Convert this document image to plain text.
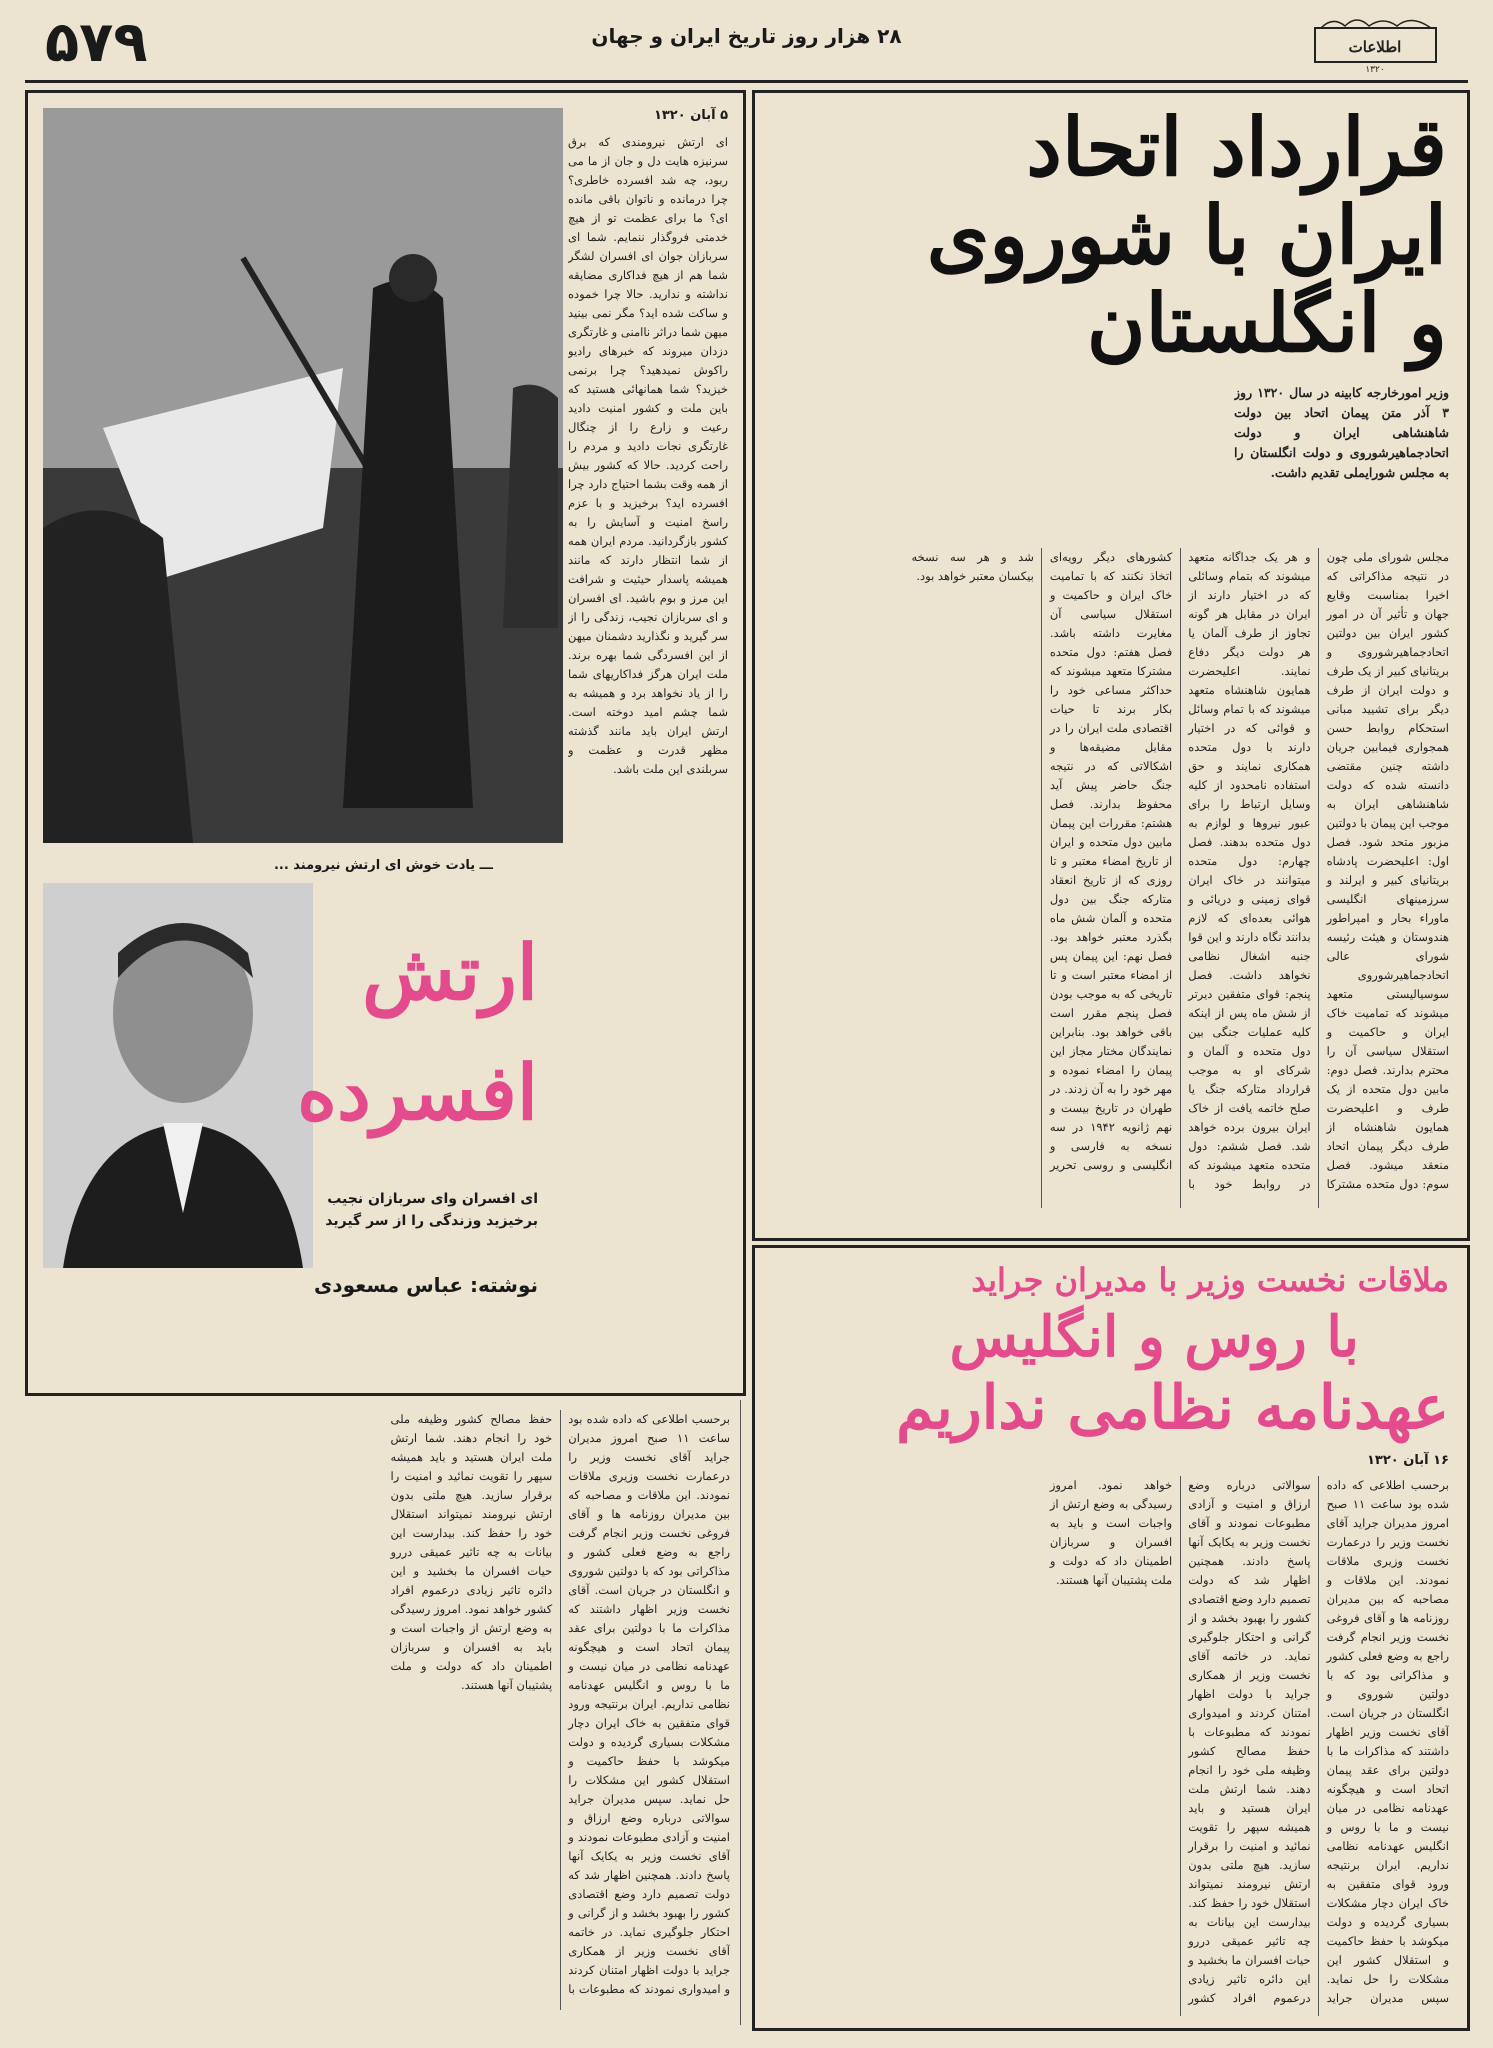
۵۷۹	۲۸ هزار روز تاریخ ایران و جهان	اطلاعات
۱۳۲۰
قرارداد اتحاد
ایران با شوروی
و انگلستان
وزیر امورخارجه کابینه در سال ۱۳۲۰ روز ۳ آذر متن پیمان اتحاد بین دولت شاهنشاهی ایران و دولت اتحادجماهیرشوروی و دولت انگلستان را به مجلس شورایملی تقدیم داشت.
مجلس شورای ملی چون در نتیجه مذاکراتی که اخیرا بمناسبت وقایع جهان و تأثیر آن در امور کشور ایران بین دولتین اتحادجماهیرشوروی و بریتانیای کبیر از یک طرف و دولت ایران از طرف دیگر برای تشیید مبانی استحکام روابط حسن همجواری فیمابین جریان داشته چنین مقتضی دانسته شده که دولت شاهنشاهی ایران به موجب این پیمان با دولتین مزبور متحد شود. فصل اول: اعلیحضرت پادشاه بریتانیای کبیر و ایرلند و سرزمینهای انگلیسی ماوراء بحار و امپراطور هندوستان و هیئت رئیسه شورای عالی اتحادجماهیرشوروی سوسیالیستی متعهد میشوند که تمامیت خاک ایران و حاکمیت و استقلال سیاسی آن را محترم بدارند. فصل دوم: مابین دول متحده از یک طرف و اعلیحضرت همایون شاهنشاه از طرف دیگر پیمان اتحاد منعقد میشود. فصل سوم: دول متحده مشترکا و هر یک جداگانه متعهد میشوند که بتمام وسائلی که در اختیار دارند از ایران در مقابل هر گونه تجاوز از طرف آلمان یا هر دولت دیگر دفاع نمایند. اعلیحضرت همایون شاهنشاه متعهد میشوند که با تمام وسائل و قوائی که در اختیار دارند با دول متحده همکاری نمایند و حق استفاده نامحدود از کلیه وسایل ارتباط را برای عبور نیروها و لوازم به دول متحده بدهند. فصل چهارم: دول متحده میتوانند در خاک ایران قوای زمینی و دریائی و هوائی بعده‌ای که لازم بدانند نگاه دارند و این قوا جنبه اشغال نظامی نخواهد داشت. فصل پنجم: قوای متفقین دیرتر از شش ماه پس از اینکه کلیه عملیات جنگی بین دول متحده و آلمان و شرکای او به موجب قرارداد متارکه جنگ یا صلح خاتمه یافت از خاک ایران بیرون برده خواهد شد. فصل ششم: دول متحده متعهد میشوند که در روابط خود با کشورهای دیگر رویه‌ای اتخاذ نکنند که با تمامیت خاک ایران و حاکمیت و استقلال سیاسی آن مغایرت داشته باشد. فصل هفتم: دول متحده مشترکا متعهد میشوند که حداکثر مساعی خود را بکار برند تا حیات اقتصادی ملت ایران را در مقابل مضیقه‌ها و اشکالاتی که در نتیجه جنگ حاضر پیش آید محفوظ بدارند. فصل هشتم: مقررات این پیمان مابین دول متحده و ایران از تاریخ امضاء معتبر و تا روزی که از تاریخ انعقاد متارکه جنگ بین دول متحده و آلمان شش ماه بگذرد معتبر خواهد بود. فصل نهم: این پیمان پس از امضاء معتبر است و تا تاریخی که به موجب بودن فصل پنجم مقرر است باقی خواهد بود. بنابراین نمایندگان مختار مجاز این پیمان را امضاء نموده و مهر خود را به آن زدند. در طهران در تاریخ بیست و نهم ژانویه ۱۹۴۲ در سه نسخه به فارسی و انگلیسی و روسی تحریر شد و هر سه نسخه بیکسان معتبر خواهد بود.
ـــ یادت خوش ای ارتش نیرومند ...
۵ آبان ۱۳۲۰
ای ارتش نیرومندی که برق سرنیزه هایت دل و جان از ما می ربود، چه شد افسرده خاطری؟ چرا درمانده و ناتوان باقی مانده ای؟ ما برای عظمت تو از هیچ خدمتی فروگذار ننمایم. شما ای سربازان جوان ای افسران لشگر شما هم از هیچ فداکاری مضایقه نداشته و ندارید. حالا چرا خموده و ساکت شده اید؟ مگر نمی بینید میهن شما دراثر ناامنی و غارتگری دزدان میروند که خبرهای رادیو راکوش نمیدهید؟ چرا برنمی خیزید؟ شما همانهائی هستید که باین ملت و کشور امنیت دادید رعیت و زارع را از چنگال غارتگری نجات دادید و مردم را راحت کردید. حالا که کشور بیش از همه وقت بشما احتیاج دارد چرا افسرده اید؟ برخیزید و با عزم راسخ امنیت و آسایش را به کشور بازگردانید. مردم ایران همه از شما انتظار دارند که مانند همیشه پاسدار حیثیت و شرافت این مرز و بوم باشید. ای افسران و ای سربازان نجیب، زندگی را از سر گیرید و نگذارید دشمنان میهن از این افسردگی شما بهره برند. ملت ایران هرگز فداکاریهای شما را از یاد نخواهد برد و همیشه به شما چشم امید دوخته است. ارتش ایران باید مانند گذشته مظهر قدرت و عظمت و سربلندی این ملت باشد.
ارتش
افسرده
ای افسران وای سربازان نجیب
برخیزید وزندگی را از سر گیرید
نوشته: عباس مسعودی	ملاقات نخست وزیر با مدیران جراید
با روس و انگلیس
عهدنامه نظامی نداریم
۱۶ آبان ۱۳۲۰
برحسب اطلاعی که داده شده بود ساعت ۱۱ صبح امروز مدیران جراید آقای نخست وزیر را درعمارت نخست وزیری ملاقات نمودند. این ملاقات و مصاحبه که بین مدیران روزنامه ها و آقای فروغی نخست وزیر انجام گرفت راجع به وضع فعلی کشور و مذاکراتی بود که با دولتین شوروی و انگلستان در جریان است. آقای نخست وزیر اظهار داشتند که مذاکرات ما با دولتین برای عقد پیمان اتحاد است و هیچگونه عهدنامه نظامی در میان نیست و ما با روس و انگلیس عهدنامه نظامی نداریم. ایران برنتیجه ورود قوای متفقین به خاک ایران دچار مشکلات بسیاری گردیده و دولت میکوشد با حفظ حاکمیت و استقلال کشور این مشکلات را حل نماید. سپس مدیران جراید سوالاتی درباره وضع ارزاق و امنیت و آزادی مطبوعات نمودند و آقای نخست وزیر به یکایک آنها پاسخ دادند. همچنین اظهار شد که دولت تصمیم دارد وضع اقتصادی کشور را بهبود بخشد و از گرانی و احتکار جلوگیری نماید. در خاتمه آقای نخست وزیر از همکاری جراید با دولت اظهار امتنان کردند و امیدواری نمودند که مطبوعات با حفظ مصالح کشور وظیفه ملی خود را انجام دهند. شما ارتش ملت ایران هستید و باید همیشه سپهر را تقویت نمائید و امنیت را برقرار سازید. هیچ ملتی بدون ارتش نیرومند نمیتواند استقلال خود را حفظ کند. بیدارست این بیانات به چه تاثیر عمیقی دررو حیات افسران ما بخشید و این دائره تاثیر زیادی درعموم افراد کشور خواهد نمود. امروز رسیدگی به وضع ارتش از واجبات است و باید به افسران و سربازان اطمینان داد که دولت و ملت پشتیبان آنها هستند.
برحسب اطلاعی که داده شده بود ساعت ۱۱ صبح امروز مدیران جراید آقای نخست وزیر را درعمارت نخست وزیری ملاقات نمودند. این ملاقات و مصاحبه که بین مدیران روزنامه ها و آقای فروغی نخست وزیر انجام گرفت راجع به وضع فعلی کشور و مذاکراتی بود که با دولتین شوروی و انگلستان در جریان است. آقای نخست وزیر اظهار داشتند که مذاکرات ما با دولتین برای عقد پیمان اتحاد است و هیچگونه عهدنامه نظامی در میان نیست و ما با روس و انگلیس عهدنامه نظامی نداریم. ایران برنتیجه ورود قوای متفقین به خاک ایران دچار مشکلات بسیاری گردیده و دولت میکوشد با حفظ حاکمیت و استقلال کشور این مشکلات را حل نماید. سپس مدیران جراید سوالاتی درباره وضع ارزاق و امنیت و آزادی مطبوعات نمودند و آقای نخست وزیر به یکایک آنها پاسخ دادند. همچنین اظهار شد که دولت تصمیم دارد وضع اقتصادی کشور را بهبود بخشد و از گرانی و احتکار جلوگیری نماید. در خاتمه آقای نخست وزیر از همکاری جراید با دولت اظهار امتنان کردند و امیدواری نمودند که مطبوعات با حفظ مصالح کشور وظیفه ملی خود را انجام دهند. شما ارتش ملت ایران هستید و باید همیشه سپهر را تقویت نمائید و امنیت را برقرار سازید. هیچ ملتی بدون ارتش نیرومند نمیتواند استقلال خود را حفظ کند. بیدارست این بیانات به چه تاثیر عمیقی دررو حیات افسران ما بخشید و این دائره تاثیر زیادی درعموم افراد کشور خواهد نمود. امروز رسیدگی به وضع ارتش از واجبات است و باید به افسران و سربازان اطمینان داد که دولت و ملت پشتیبان آنها هستند.
